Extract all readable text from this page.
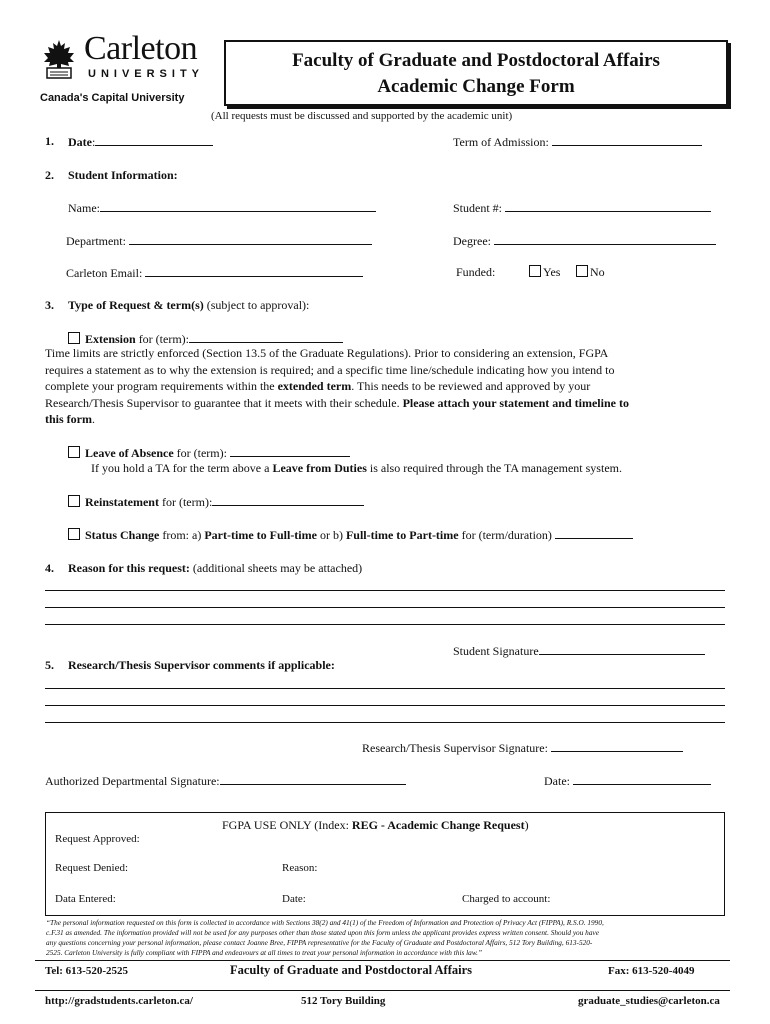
Carleton
UNIVERSITY
Canada's Capital University
Faculty of Graduate and Postdoctoral Affairs
Academic Change Form
(All requests must be discussed and supported by the academic unit)
1. Date:	Term of Admission:
2. Student Information:
Name:	Student #:
Department:	Degree:
Carleton Email:	Funded:	Yes	No
3. Type of Request & term(s) (subject to approval):
Extension for (term):
Time limits are strictly enforced (Section 13.5 of the Graduate Regulations). Prior to considering an extension, FGPA
requires a statement as to why the extension is required; and a specific time line/schedule indicating how you intend to
complete your program requirements within the extended term. This needs to be reviewed and approved by your
Research/Thesis Supervisor to guarantee that it meets with their schedule. Please attach your statement and timeline to
this form.
Leave of Absence for (term):
If you hold a TA for the term above a Leave from Duties is also required through the TA management system.
Reinstatement for (term):
Status Change from: a) Part-time to Full-time or b) Full-time to Part-time for (term/duration)
4. Reason for this request: (additional sheets may be attached)
Student Signature
5. Research/Thesis Supervisor comments if applicable:
Research/Thesis Supervisor Signature:
Authorized Departmental Signature:	Date:
FGPA USE ONLY (Index: REG - Academic Change Request)
Request Approved:
Request Denied:	Reason:
Data Entered:	Date:	Charged to account:
“The personal information requested on this form is collected in accordance with Sections 38(2) and 41(1) of the Freedom of Information and Protection of Privacy Act (FIPPA), R.S.O. 1990,
c.F.31 as amended. The information provided will not be used for any purposes other than those stated upon this form unless the applicant provides express written consent. Should you have
any questions concerning your personal information, please contact Joanne Bree, FIPPA representative for the Faculty of Graduate and Postdoctoral Affairs, 512 Tory Building, 613-520-
2525. Carleton University is fully compliant with FIPPA and endeavours at all times to treat your personal information in accordance with this law.”
Tel: 613-520-2525	Faculty of Graduate and Postdoctoral Affairs	Fax: 613-520-4049
http://gradstudents.carleton.ca/	512 Tory Building	graduate_studies@carleton.ca
